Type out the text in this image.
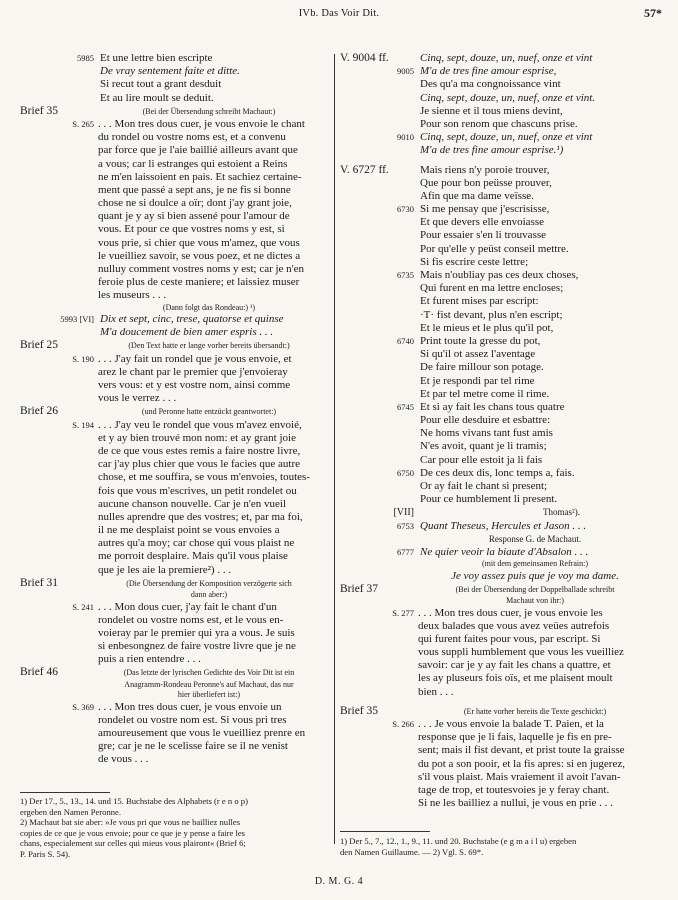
IVb. Das Voir Dit.	57*
5985 Et une lettre bien escripte
De vray sentement faite et ditte.
Si recut tout a grant desduit
Et au lire moult se deduit.
Brief 35	(Bei der Übersendung schreibt Machaut:)
S. 265 . . . Mon tres dous cuer, je vous envoie le chant
du rondel ou vostre noms est, et a convenu
par force que je l'aie baillié ailleurs avant que
a vous; car li estranges qui estoient a Reins
ne m'en laissoient en pais. Et sachiez certaine-
ment que passé a sept ans, je ne fis si bonne
chose ne si doulce a oïr; dont j'ay grant joie,
quant je y ay si bien assené pour l'amour de
vous. Et pour ce que vostres noms y est, si
vous prie, si chier que vous m'amez, que vous
le vueilliez savoir, se vous poez, et ne dictes a
nulluy comment vostres noms y est; car je n'en
feroie plus de ceste maniere; et laissiez muser
les museurs . . .
(Dann folgt das Rondeau:) ¹)
5993 [VI] Dix et sept, cinc, trese, quatorse et quinse
M'a doucement de bien amer espris . . .
Brief 25	(Den Text hatte er lange vorher bereits übersandt:)
S. 190 . . . J'ay fait un rondel que je vous envoie, et
arez le chant par le premier que j'envoieray
vers vous: et y est vostre nom, ainsi comme
vous le verrez . . .
Brief 26	(und Peronne hatte entzückt geantwortet:)
S. 194 . . . J'ay veu le rondel que vous m'avez envoié,
et y ay bien trouvé mon nom: et ay grant joie
de ce que vous estes remis a faire nostre livre,
car j'ay plus chier que vous le facies que autre
chose, et me souffira, se vous m'envoies, toutes-
fois que vous m'escrives, un petit rondelet ou
aucune chanson nouvelle. Car je n'en vueil
nulles aprendre que des vostres; et, par ma foi,
il ne me desplaist point se vous envoies a
autres qu'a moy; car chose qui vous plaist ne
me porroit desplaire. Mais qu'il vous plaise
que je les aie la premiere²) . . .
Brief 31	(Die Übersendung der Komposition verzögerte sich
dann aber:)
S. 241 . . . Mon dous cuer, j'ay fait le chant d'un
rondelet ou vostre noms est, et le vous en-
voieray par le premier qui yra a vous. Je suis
si enbesongnez de faire vostre livre que je ne
puis a rien entendre . . .
Brief 46	(Das letzte der lyrischen Gedichte des Voir Dit ist ein
Anagramm-Rondeau Peronne's auf Machaut, das nur
hier überliefert ist:)
S. 369 . . . Mon tres dous cuer, je vous envoie un
rondelet ou vostre nom est. Si vous pri tres
amoureusement que vous le vueilliez prenre en
gre; car je ne le scelisse faire se il ne venist
de vous . . .
V. 9004 ff.	Cinq, sept, douze, un, nuef, onze et vint
9005 M'a de tres fine amour esprise,
Des qu'a ma congnoissance vint
Cinq, sept, douze, un, nuef, onze et vint.
Je sienne et il tous miens devint,
Pour son renom que chascuns prise.
9010 Cinq, sept, douze, un, nuef, onze et vint
M'a de tres fine amour esprise.¹)
V. 6727 ff.	Mais riens n'y poroie trouver,
Que pour bon peüsse prouver,
Afin que ma dame veïsse.
6730 Si me pensay que j'escrisisse,
Et que devers elle envoiasse
Pour essaier s'en li trouvasse
Por qu'elle y peüst conseil mettre.
Si fis escrire ceste lettre;
6735 Mais n'oubliay pas ces deux choses,
Qui furent en ma lettre encloses;
Et furent mises par escript:
·T· fist devant, plus n'en escript;
Et le mieus et le plus qu'il pot,
6740 Print toute la gresse du pot,
Si qu'il ot assez l'aventage
De faire millour son potage.
Et je respondi par tel rime
Et par tel metre come il rime.
6745 Et si ay fait les chans tous quatre
Pour elle desduire et esbattre:
Ne homs vivans tant fust amis
N'es avoit, quant je li tramis;
Car pour elle estoit ja li fais
6750 De ces deux dis, lonc temps a, fais.
Or ay fait le chant si present;
Pour ce humblement li present.
[VII]	Thomas²).
6753 Quant Theseus, Hercules et Jason . . .
Response G. de Machaut.
6777 Ne quier veoir la biaute d'Absalon . . .
(mit dem gemeinsamen Refrain:)
Je voy assez puis que je voy ma dame.
Brief 37	(Bei der Übersendung der Doppelballade schreibt
Machaut von ihr:)
S. 277 . . . Mon tres dous cuer, je vous envoie les
deux balades que vous avez veües autrefois
qui furent faites pour vous, par escript. Si
vous suppli humblement que vous les vueilliez
savoir: car je y ay fait les chans a quattre, et
les ay pluseurs fois oïs, et me plaisent moult
bien . . .
Brief 35	(Er hatte vorher bereits die Texte geschickt:)
S. 266 . . . Je vous envoie la balade T. Paien, et la
response que je li fais, laquelle je fis en pre-
sent; mais il fist devant, et prist toute la graisse
du pot a son pooir, et la fis apres: si en jugerez,
s'il vous plaist. Mais vraiement il avoit l'avan-
tage de trop, et toutesvoies je y feray chant.
Si ne les bailliez a nullui, je vous en prie . . .
1) Der 17., 5., 13., 14. und 15. Buchstabe des Alphabets (r e n o p)
ergeben den Namen Peronne.
2) Machaut bat sie aber: »Je vous pri que vous ne bailliez nulles
copies de ce que je vous envoie; pour ce que je y pense a faire les
chans, especialement sur celles qui mieus vous plairont« (Brief 6;
P. Paris S. 54).
1) Der 5., 7., 12., 1., 9., 11. und 20. Buchstabe (e g m a i l u) ergeben
den Namen Guillaume. — 2) Vgl. S. 69*.
D. M. G. 4
